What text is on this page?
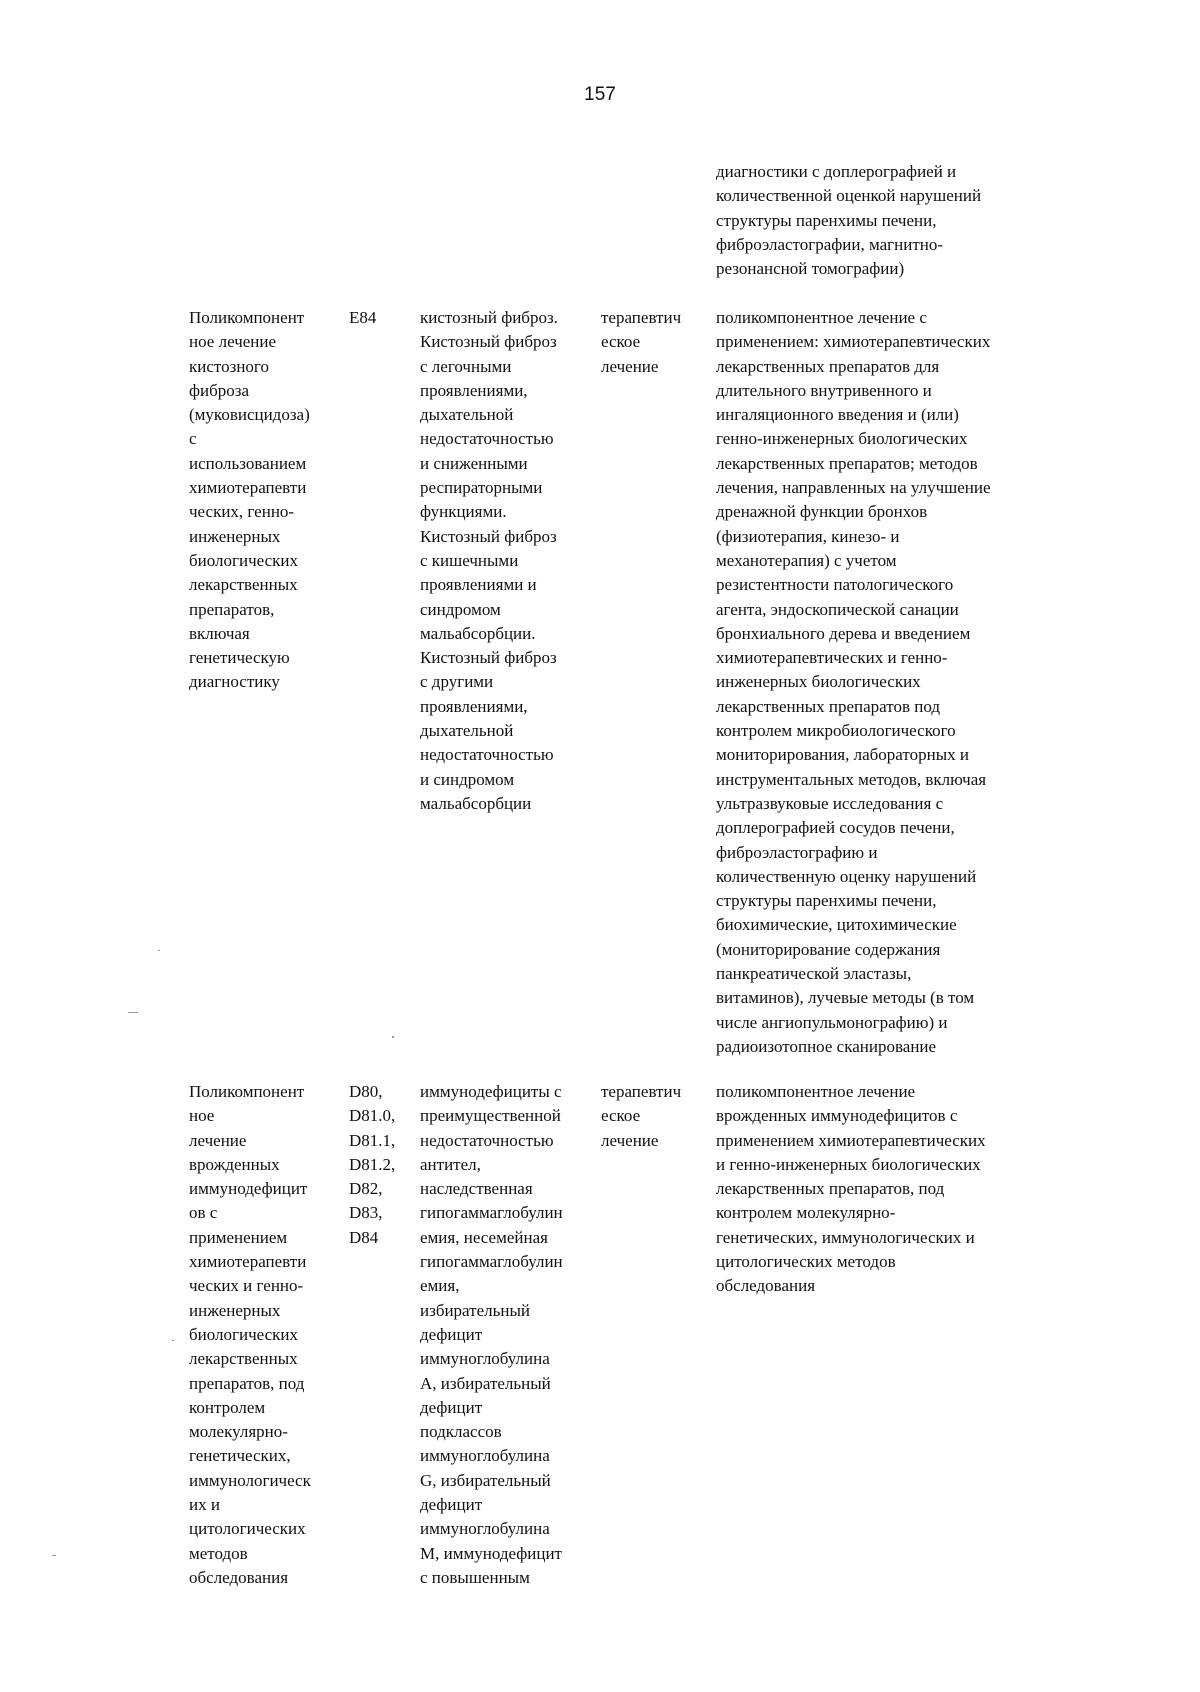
157
диагностики с доплерографией и
количественной оценкой нарушений
структуры паренхимы печени,
фиброэластографии, магнитно-
резонансной томографии)
Поликомпонент
ное лечение
кистозного
фиброза
(муковисцидоза)
с
использованием
химиотерапевти
ческих, генно-
инженерных
биологических
лекарственных
препаратов,
включая
генетическую
диагностику
E84	кистозный фиброз.
Кистозный фиброз
с легочными
проявлениями,
дыхательной
недостаточностью
и сниженными
респираторными
функциями.
Кистозный фиброз
с кишечными
проявлениями и
синдромом
мальабсорбции.
Кистозный фиброз
с другими
проявлениями,
дыхательной
недостаточностью
и синдромом
мальабсорбции
терапевтич
еское
лечение
поликомпонентное лечение с
применением: химиотерапевтических
лекарственных препаратов для
длительного внутривенного и
ингаляционного введения и (или)
генно-инженерных биологических
лекарственных препаратов; методов
лечения, направленных на улучшение
дренажной функции бронхов
(физиотерапия, кинезо- и
механотерапия) с учетом
резистентности патологического
агента, эндоскопической санации
бронхиального дерева и введением
химиотерапевтических и генно-
инженерных биологических
лекарственных препаратов под
контролем микробиологического
мониторирования, лабораторных и
инструментальных методов, включая
ультразвуковые исследования с
доплерографией сосудов печени,
фиброэластографию и
количественную оценку нарушений
структуры паренхимы печени,
биохимические, цитохимические
(мониторирование содержания
панкреатической эластазы,
витаминов), лучевые методы (в том
числе ангиопульмонографию) и
радиоизотопное сканирование
Поликомпонент
ное
лечение
врожденных
иммунодефицит
ов с
применением
химиотерапевти
ческих и генно-
инженерных
биологических
лекарственных
препаратов, под
контролем
молекулярно-
генетических,
иммунологическ
их и
цитологических
методов
обследования
D80,
D81.0,
D81.1,
D81.2,
D82,
D83,
D84
иммунодефициты с
преимущественной
недостаточностью
антител,
наследственная
гипогаммаглобулин
емия, несемейная
гипогаммаглобулин
емия,
избирательный
дефицит
иммуноглобулина
A, избирательный
дефицит
подклассов
иммуноглобулина
G, избирательный
дефицит
иммуноглобулина
M, иммунодефицит
с повышенным
терапевтич
еское
лечение
поликомпонентное лечение
врожденных иммунодефицитов с
применением химиотерапевтических
и генно-инженерных биологических
лекарственных препаратов, под
контролем молекулярно-
генетических, иммунологических и
цитологических методов
обследования
